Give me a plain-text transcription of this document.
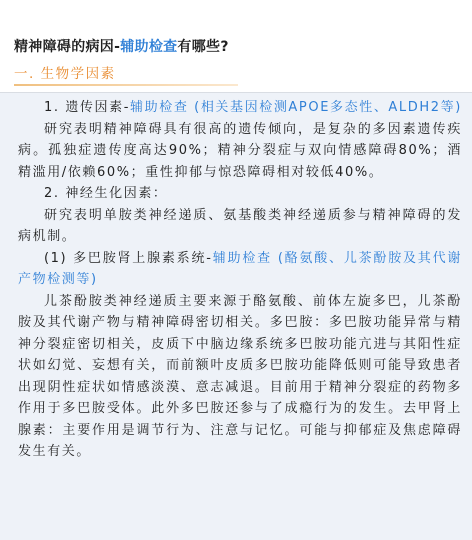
精神障碍的病因-辅助检查有哪些?
一. 生物学因素

1. 遗传因素-辅助检查 (相关基因检测APOE多态性、ALDH2等)

研究表明精神障碍具有很高的遗传倾向，是复杂的多因素遗传疾病。孤独症遗传度高达90%；精神分裂症与双向情感障碍80%；酒精滥用/依赖60%；重性抑郁与惊恐障碍相对较低40%。

2. 神经生化因素：

研究表明单胺类神经递质、氨基酸类神经递质参与精神障碍的发病机制。

(1) 多巴胺肾上腺素系统-辅助检查 (酪氨酸、儿茶酚胺及其代谢产物检测等)

儿茶酚胺类神经递质主要来源于酪氨酸、前体左旋多巴，儿茶酚胺及其代谢产物与精神障碍密切相关。多巴胺：多巴胺功能异常与精神分裂症密切相关，皮质下中脑边缘系统多巴胺功能亢进与其阳性症状如幻觉、妄想有关，而前额叶皮质多巴胺功能降低则可能导致患者出现阴性症状如情感淡漠、意志减退。目前用于精神分裂症的药物多作用于多巴胺受体。此外多巴胺还参与了成瘾行为的发生。去甲肾上腺素：主要作用是调节行为、注意与记忆。可能与抑郁症及焦虑障碍发生有关。
